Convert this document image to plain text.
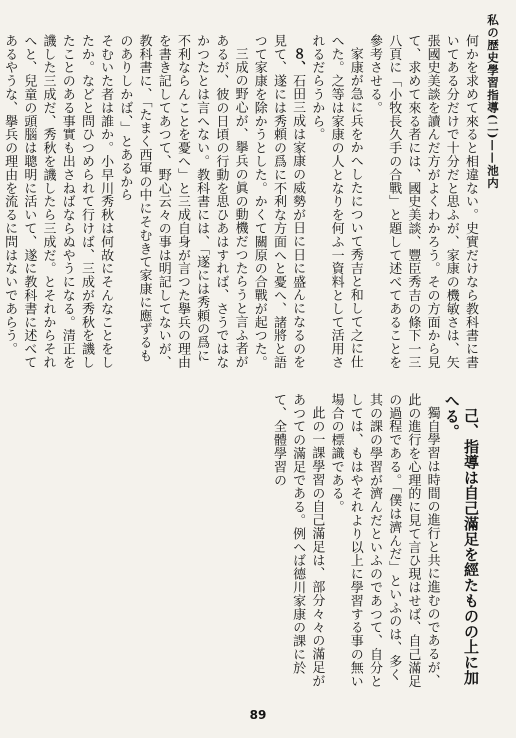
私の歴史學習指導(二)——池内

何かを求めて來ると相違ない。史實だけなら教科書に書いてある分だけで十分だと思ふが、家康の機敏さは、矢張國史美談を讀んだ方がよくわかろう。その方面から見て、求めて來る者には、國史美談、豐臣秀吉の條下一三八頁に「小牧長久手の合戰」と題して述べてあることを參考させる。

家康が急に兵をかへしたについて秀吉と和して之に仕へた。之等は家康の人となりを何ふ一資料として活用されるだらうから。

８、石田三成は家康の威勢が日に日に盛んになるのを見て、遂には秀頼の爲に不利な方面へと憂へ、諸將と語つて家康を除かうとした。かくて關原の合戰が起つた。

三成の野心が、擧兵の眞の動機だつたらうと言ふ者があるが、彼の日頃の行動を思ひあはすれば、さうではなかつたとは言へない。教科書には、「遂には秀頼の爲に不利ならんことを憂へ」と三成自身が言つた擧兵の理由を書き記してあつて、野心云々の事は明記してないが、教科書に、「たまく西軍の中にそむきて家康に應ずるものありしかば、」とあるから

そむいた者は誰か。小早川秀秋は何故にそんなことをしたか。などと問ひつめられて行けば、三成が秀秋を譏したことのある事實も出さねばならぬやうになる。清正を譏した三成だ、秀秋を譏したら三成だ。とそれからそれへと、兒童の頭腦は聰明に活いて、遂に教科書に述べてあるやうな、擧兵の理由を流るに問はないであらう。

己、指導は自己滿足を經たものの上に加へる。

獨自學習は時間の進行と共に進むのであるが、此の進行を心理的に見て言ひ現はせば、自己滿足の過程である。「僕は濟んだ」といふのは、多く其の課の學習が濟んだといふのであつて、自分としては、もはやそれより以上に學習する事の無い場合の標識である。

此の一課學習の自己滿足は、部分々々の滿足があつての滿足である。例へば德川家康の課に於て、全體學習の

89
